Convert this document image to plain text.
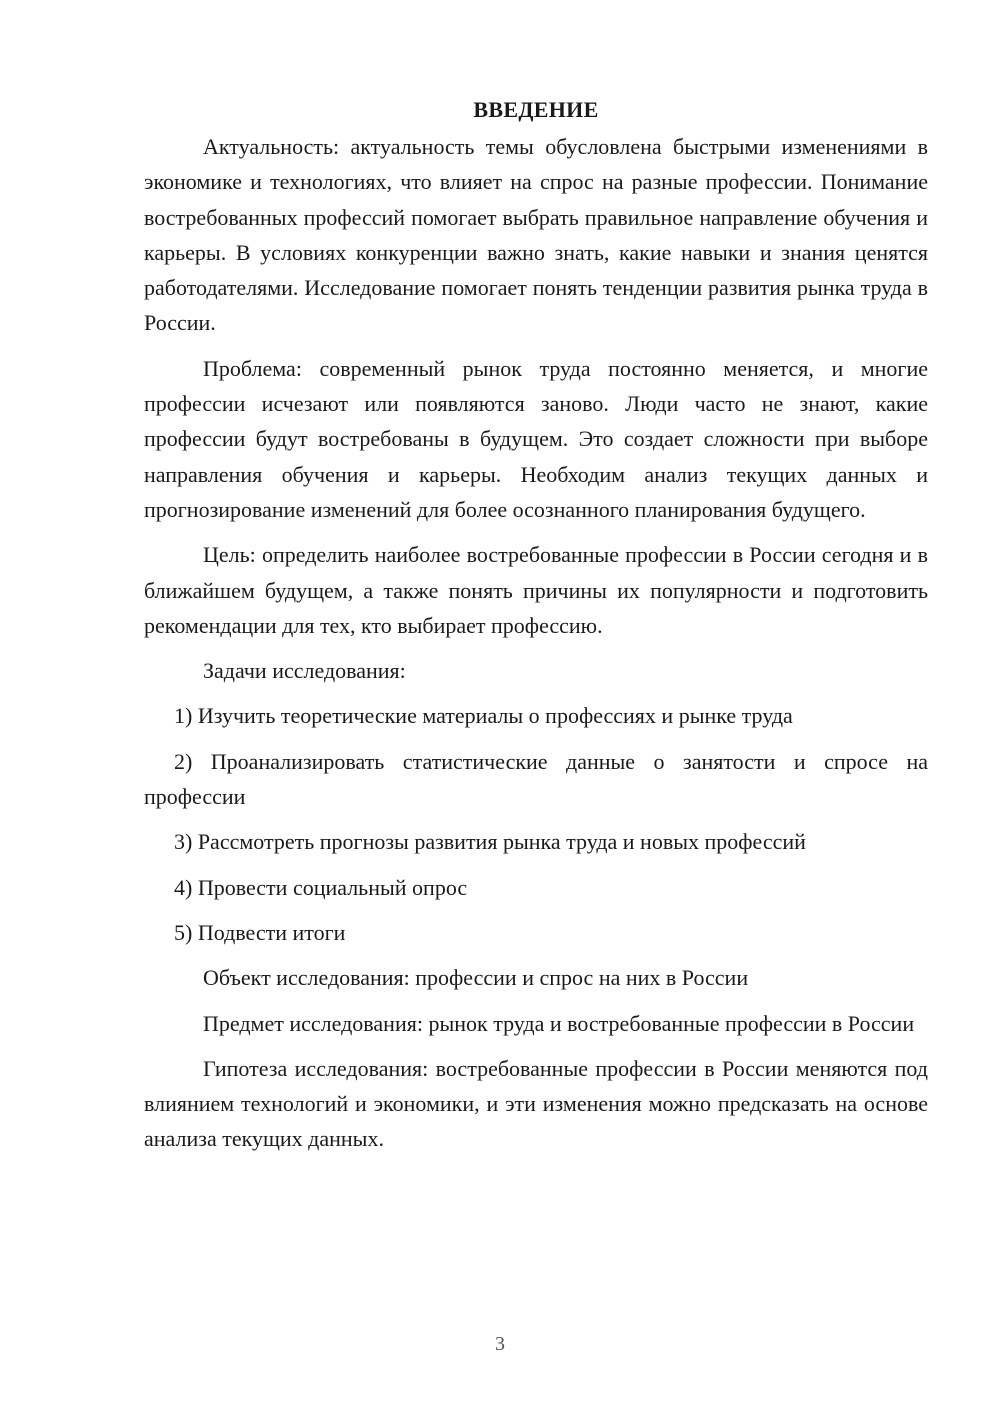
ВВЕДЕНИЕ

Актуальность: актуальность темы обусловлена быстрыми изменениями в экономике и технологиях, что влияет на спрос на разные профессии. Понимание востребованных профессий помогает выбрать правильное направление обучения и карьеры. В условиях конкуренции важно знать, какие навыки и знания ценятся работодателями. Исследование помогает понять тенденции развития рынка труда в России.

Проблема: современный рынок труда постоянно меняется, и многие профессии исчезают или появляются заново. Люди часто не знают, какие профессии будут востребованы в будущем. Это создает сложности при выборе направления обучения и карьеры. Необходим анализ текущих данных и прогнозирование изменений для более осознанного планирования будущего.

Цель: определить наиболее востребованные профессии в России сегодня и в ближайшем будущем, а также понять причины их популярности и подготовить рекомендации для тех, кто выбирает профессию.

Задачи исследования:

1) Изучить теоретические материалы о профессиях и рынке труда

2) Проанализировать статистические данные о занятости и спросе на профессии

3) Рассмотреть прогнозы развития рынка труда и новых профессий

4) Провести социальный опрос

5) Подвести итоги

Объект исследования: профессии и спрос на них в России

Предмет исследования: рынок труда и востребованные профессии в России

Гипотеза исследования: востребованные профессии в России меняются под влиянием технологий и экономики, и эти изменения можно предсказать на основе анализа текущих данных.

3
